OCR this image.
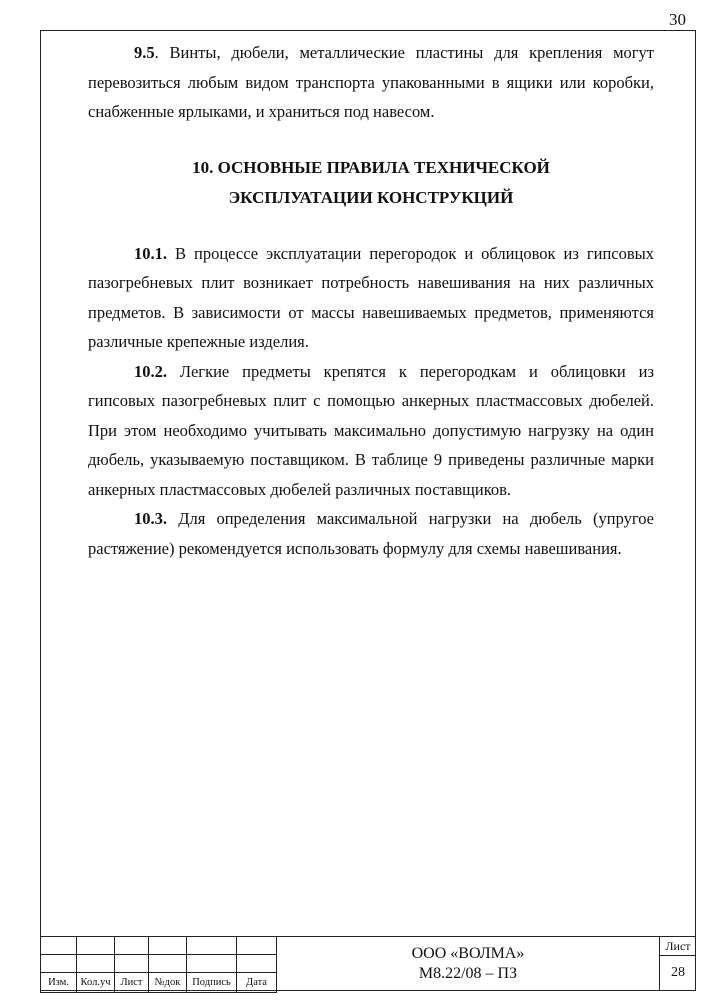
30

9.5. Винты, дюбели, металлические пластины для крепления могут перевозиться любым видом транспорта упакованными в ящики или коробки, снабженные ярлыками, и храниться под навесом.

10. ОСНОВНЫЕ ПРАВИЛА ТЕХНИЧЕСКОЙ
ЭКСПЛУАТАЦИИ КОНСТРУКЦИЙ

10.1. В процессе эксплуатации перегородок и облицовок из гипсовых пазогребневых плит возникает потребность навешивания на них различных предметов. В зависимости от массы навешиваемых предметов, применяются различные крепежные изделия.

10.2. Легкие предметы крепятся к перегородкам и облицовки из гипсовых пазогребневых плит с помощью анкерных пластмассовых дюбелей. При этом необходимо учитывать максимально допустимую нагрузку на один дюбель, указываемую поставщиком. В таблице 9 приведены различные марки анкерных пластмассовых дюбелей различных поставщиков.

10.3. Для определения максимальной нагрузки на дюбель (упругое растяжение) рекомендуется использовать формулу для схемы навешивания.

Изм.	Кол.уч	Лист	№док	Подпись	Дата
ООО «ВОЛМА»
М8.22/08 – ПЗ
Лист
28
